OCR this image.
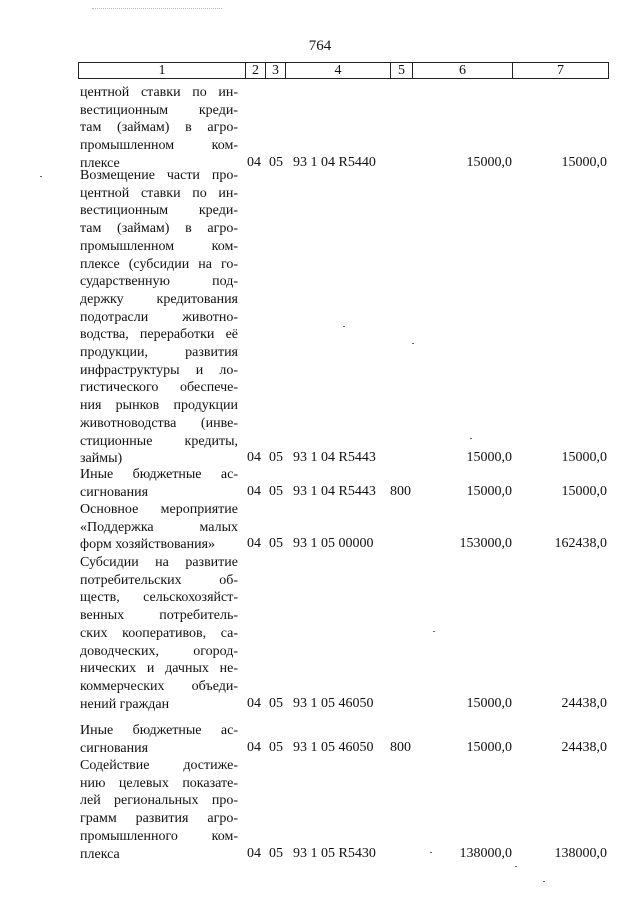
764
1	2 3	4	5	6	7
центной ставки по ин-
вестиционным креди-
там (займам) в агро-
промышленном ком-
плексе	04 05 93 1 04 R5440	15000,0	15000,0
Возмещение части про-
центной ставки по ин-
вестиционным креди-
там (займам) в агро-
промышленном ком-
плексе (субсидии на го-
сударственную под-
держку кредитования
подотрасли животно-
водства, переработки её
продукции, развития
инфраструктуры и ло-
гистического обеспече-
ния рынков продукции
животноводства (инве-
стиционные кредиты,
займы)	04 05 93 1 04 R5443	15000,0	15000,0
Иные бюджетные ас-
сигнования	04 05 93 1 04 R5443 800	15000,0	15000,0
Основное мероприятие
«Поддержка малых
форм хозяйствования»	04 05 93 1 05 00000	153000,0	162438,0
Субсидии на развитие
потребительских об-
ществ, сельскохозяйст-
венных потребитель-
ских кооперативов, са-
доводческих, огород-
нических и дачных не-
коммерческих объеди-
нений граждан	04 05 93 1 05 46050	15000,0	24438,0
Иные бюджетные ас-
сигнования	04 05 93 1 05 46050 800	15000,0	24438,0
Содействие достиже-
нию целевых показате-
лей региональных про-
грамм развития агро-
промышленного ком-
плекса	04 05 93 1 05 R5430	138000,0	138000,0
